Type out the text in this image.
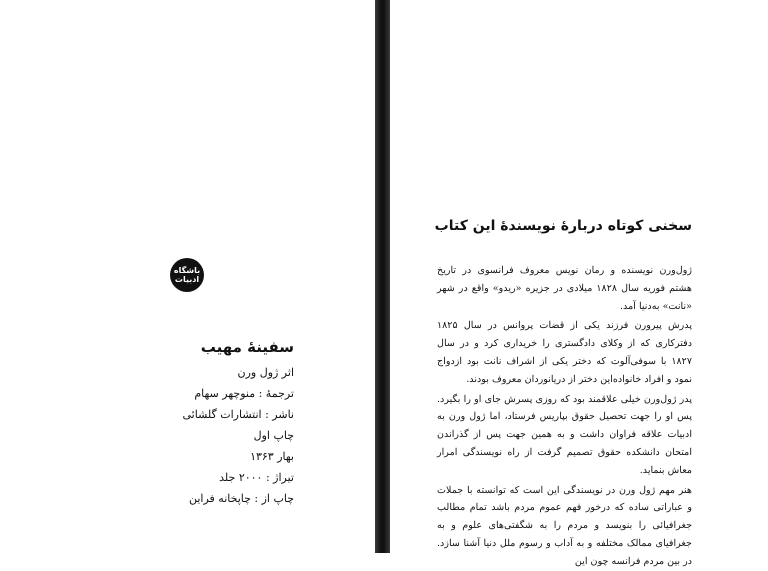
باشگاه
ادبیات
سفینهٔ مهیب
اثر ژول ورن
ترجمهٔ : منوچهر سهام
ناشر : انتشارات گلشائی
چاپ اول
بهار ۱۳۶۳
تیراژ : ۲۰۰۰ جلد
چاپ از : چاپخانه فراین
سخنی کوتاه دربارهٔ نویسندهٔ این کتاب

ژول‌ورن نویسنده و رمان نویس معروف فرانسوی در تاریخ هشتم فوریه سال ۱۸۲۸ میلادی در جزیره «ریدو» واقع در شهر «نانت» به‌دنیا آمد.

پدرش پیرورن فرزند یکی از قضات پروانس در سال ۱۸۲۵ دفترکاری که از وکلای دادگستری را خریداری کرد و در سال ۱۸۲۷ با سوفی‌آلوت که دختر یکی از اشراف نانت بود ازدواج نمود و افراد خانواده‌این دختر از دریانوردان معروف بودند.

پدر ژول‌ورن خیلی علاقمند بود که روزی پسرش جای او را بگیرد. پس او را جهت تحصیل حقوق بپاریس فرستاد، اما ژول ورن به ادبیات علاقه فراوان داشت و به همین جهت پس از گذراندن امتحان دانشکده حقوق تصمیم گرفت از راه نویسندگی امرار معاش بنماید.

هنر مهم ژول ورن در نویسندگی این است که توانسته با جملات و عباراتی ساده که درخور فهم عموم مردم باشد تمام مطالب جغرافیائی را بنویسد و مردم را به شگفتی‌های علوم و به جغرافیای ممالک مختلفه و به آداب و رسوم ملل دنیا آشنا سازد. در بین مردم فرانسه چون این
